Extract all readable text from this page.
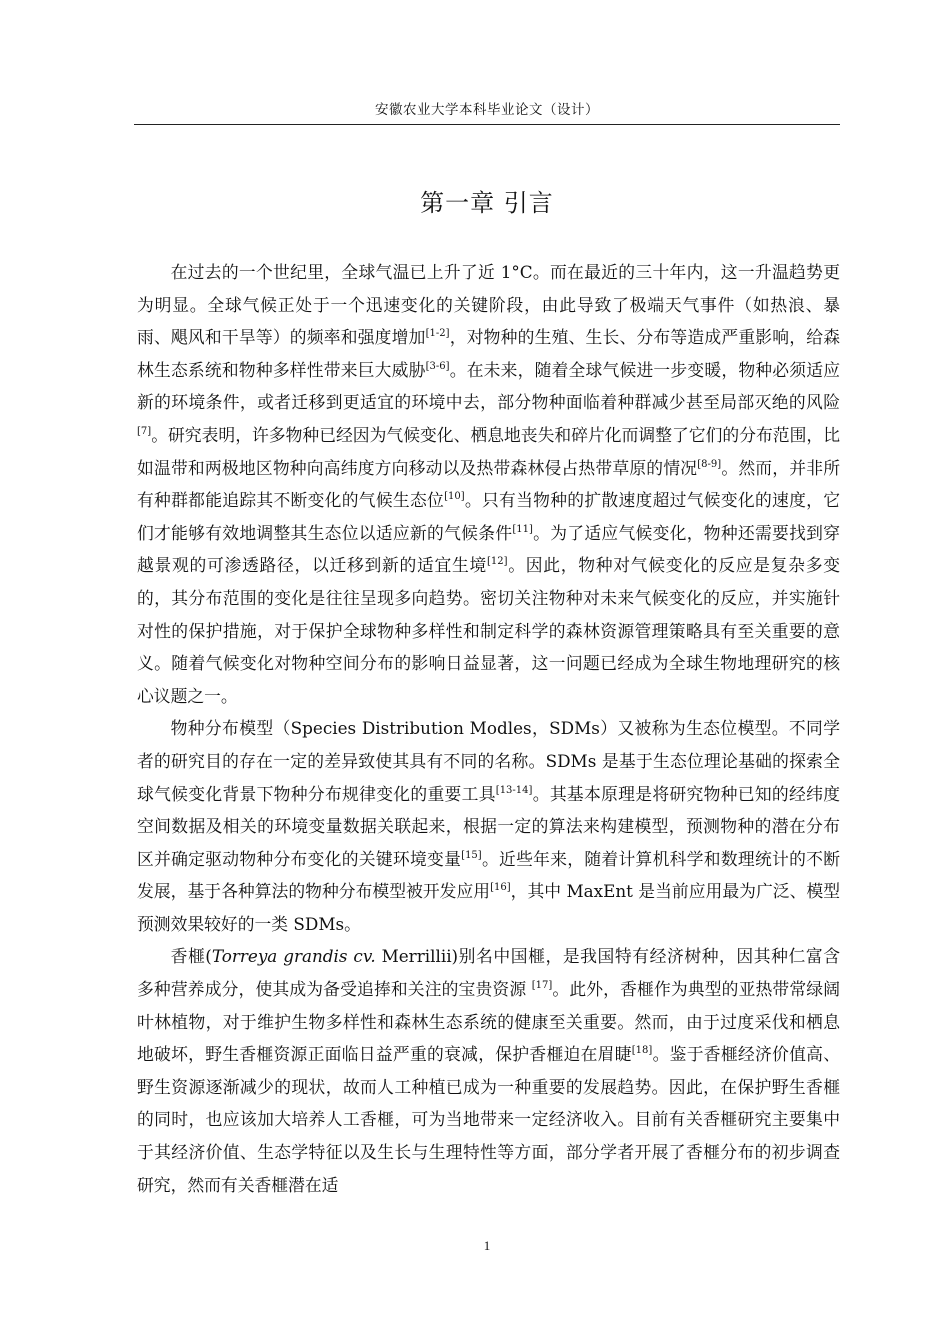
安徽农业大学本科毕业论文（设计）
第一章 引言

在过去的一个世纪里，全球气温已上升了近 1°C。而在最近的三十年内，这一升温趋势更为明显。全球气候正处于一个迅速变化的关键阶段，由此导致了极端天气事件（如热浪、暴雨、飓风和干旱等）的频率和强度增加[1-2]，对物种的生殖、生长、分布等造成严重影响，给森林生态系统和物种多样性带来巨大威胁[3-6]。在未来，随着全球气候进一步变暖，物种必须适应新的环境条件，或者迁移到更适宜的环境中去，部分物种面临着种群减少甚至局部灭绝的风险[7]。研究表明，许多物种已经因为气候变化、栖息地丧失和碎片化而调整了它们的分布范围，比如温带和两极地区物种向高纬度方向移动以及热带森林侵占热带草原的情况[8-9]。然而，并非所有种群都能追踪其不断变化的气候生态位[10]。只有当物种的扩散速度超过气候变化的速度，它们才能够有效地调整其生态位以适应新的气候条件[11]。为了适应气候变化，物种还需要找到穿越景观的可渗透路径，以迁移到新的适宜生境[12]。因此，物种对气候变化的反应是复杂多变的，其分布范围的变化是往往呈现多向趋势。密切关注物种对未来气候变化的反应，并实施针对性的保护措施，对于保护全球物种多样性和制定科学的森林资源管理策略具有至关重要的意义。随着气候变化对物种空间分布的影响日益显著，这一问题已经成为全球生物地理研究的核心议题之一。

物种分布模型（Species Distribution Modles，SDMs）又被称为生态位模型。不同学者的研究目的存在一定的差异致使其具有不同的名称。SDMs 是基于生态位理论基础的探索全球气候变化背景下物种分布规律变化的重要工具[13-14]。其基本原理是将研究物种已知的经纬度空间数据及相关的环境变量数据关联起来，根据一定的算法来构建模型，预测物种的潜在分布区并确定驱动物种分布变化的关键环境变量[15]。近些年来，随着计算机科学和数理统计的不断发展，基于各种算法的物种分布模型被开发应用[16]，其中 MaxEnt 是当前应用最为广泛、模型预测效果较好的一类 SDMs。

香榧(Torreya grandis cv. Merrillii)别名中国榧，是我国特有经济树种，因其种仁富含多种营养成分，使其成为备受追捧和关注的宝贵资源 [17]。此外，香榧作为典型的亚热带常绿阔叶林植物，对于维护生物多样性和森林生态系统的健康至关重要。然而，由于过度采伐和栖息地破坏，野生香榧资源正面临日益严重的衰减，保护香榧迫在眉睫[18]。鉴于香榧经济价值高、野生资源逐渐减少的现状，故而人工种植已成为一种重要的发展趋势。因此，在保护野生香榧的同时，也应该加大培养人工香榧，可为当地带来一定经济收入。目前有关香榧研究主要集中于其经济价值、生态学特征以及生长与生理特性等方面，部分学者开展了香榧分布的初步调查研究，然而有关香榧潜在适

1
